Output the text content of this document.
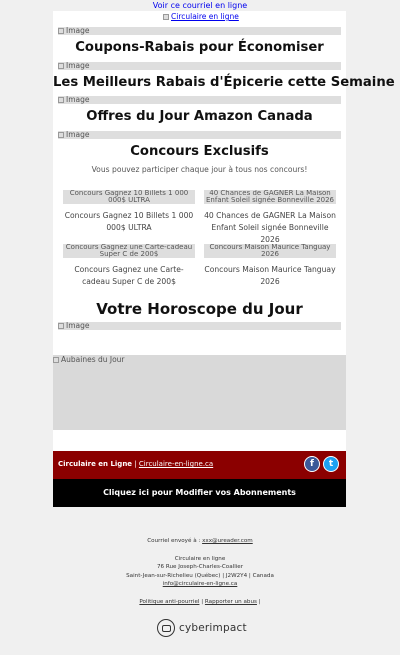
Voir ce courriel en ligne
Circulaire en ligne
Image
Coupons-Rabais pour Économiser
Image
Les Meilleurs Rabais d'Épicerie cette Semaine
Image
Offres du Jour Amazon Canada
Image
Concours Exclusifs
Vous pouvez participer chaque jour à tous nos concours!
Concours Gagnez 10 Billets 1 000 000$ ULTRA
Concours Gagnez 10 Billets 1 000 000$ ULTRA
40 Chances de GAGNER La Maison Enfant Soleil signée Bonneville 2026
40 Chances de GAGNER La Maison Enfant Soleil signée Bonneville 2026
Concours Gagnez une Carte-cadeau Super C de 200$
Concours Gagnez une Carte-cadeau Super C de 200$
Concours Maison Maurice Tanguay 2026
Concours Maison Maurice Tanguay 2026
Votre Horoscope du Jour
Image
Aubaines du Jour
Circulaire en Ligne | Circulaire-en-ligne.ca	f	t
Cliquez ici pour Modifier vos Abonnements
Courriel envoyé à : xxx@ureader.com
Circulaire en ligne
76 Rue Joseph-Charles-Coallier
Saint-Jean-sur-Richelieu (Québec) | J2W2Y4 | Canada
info@circulaire-en-ligne.ca
Politique anti-pourriel | Rapporter un abus |
cyberimpact
